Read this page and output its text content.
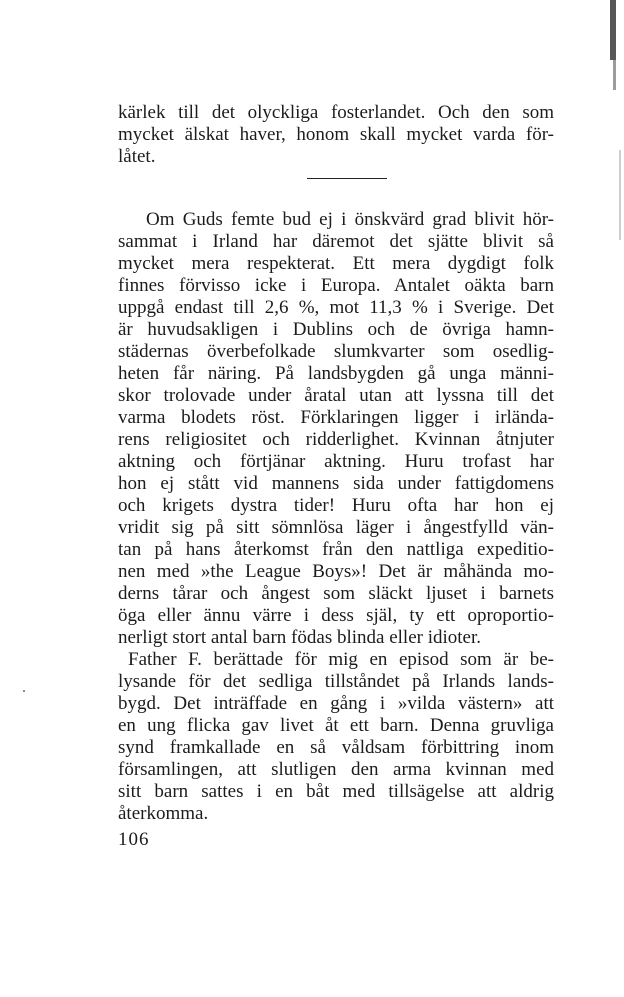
kärlek till det olyckliga fosterlandet. Och den som
mycket älskat haver, honom skall mycket varda för-
låtet.
Om Guds femte bud ej i önskvärd grad blivit hör-
sammat i Irland har däremot det sjätte blivit så
mycket mera respekterat. Ett mera dygdigt folk
finnes förvisso icke i Europa. Antalet oäkta barn
uppgå endast till 2,6 %, mot 11,3 % i Sverige. Det
är huvudsakligen i Dublins och de övriga hamn-
städernas överbefolkade slumkvarter som osedlig-
heten får näring. På landsbygden gå unga männi-
skor trolovade under åratal utan att lyssna till det
varma blodets röst. Förklaringen ligger i irlända-
rens religiositet och ridderlighet. Kvinnan åtnjuter
aktning och förtjänar aktning. Huru trofast har
hon ej stått vid mannens sida under fattigdomens
och krigets dystra tider! Huru ofta har hon ej
vridit sig på sitt sömnlösa läger i ångestfylld vän-
tan på hans återkomst från den nattliga expeditio-
nen med »the League Boys»! Det är måhända mo-
derns tårar och ångest som släckt ljuset i barnets
öga eller ännu värre i dess själ, ty ett oproportio-
nerligt stort antal barn födas blinda eller idioter.
Father F. berättade för mig en episod som är be-
lysande för det sedliga tillståndet på Irlands lands-
bygd. Det inträffade en gång i »vilda västern» att
en ung flicka gav livet åt ett barn. Denna gruvliga
synd framkallade en så våldsam förbittring inom
församlingen, att slutligen den arma kvinnan med
sitt barn sattes i en båt med tillsägelse att aldrig
återkomma.
106
